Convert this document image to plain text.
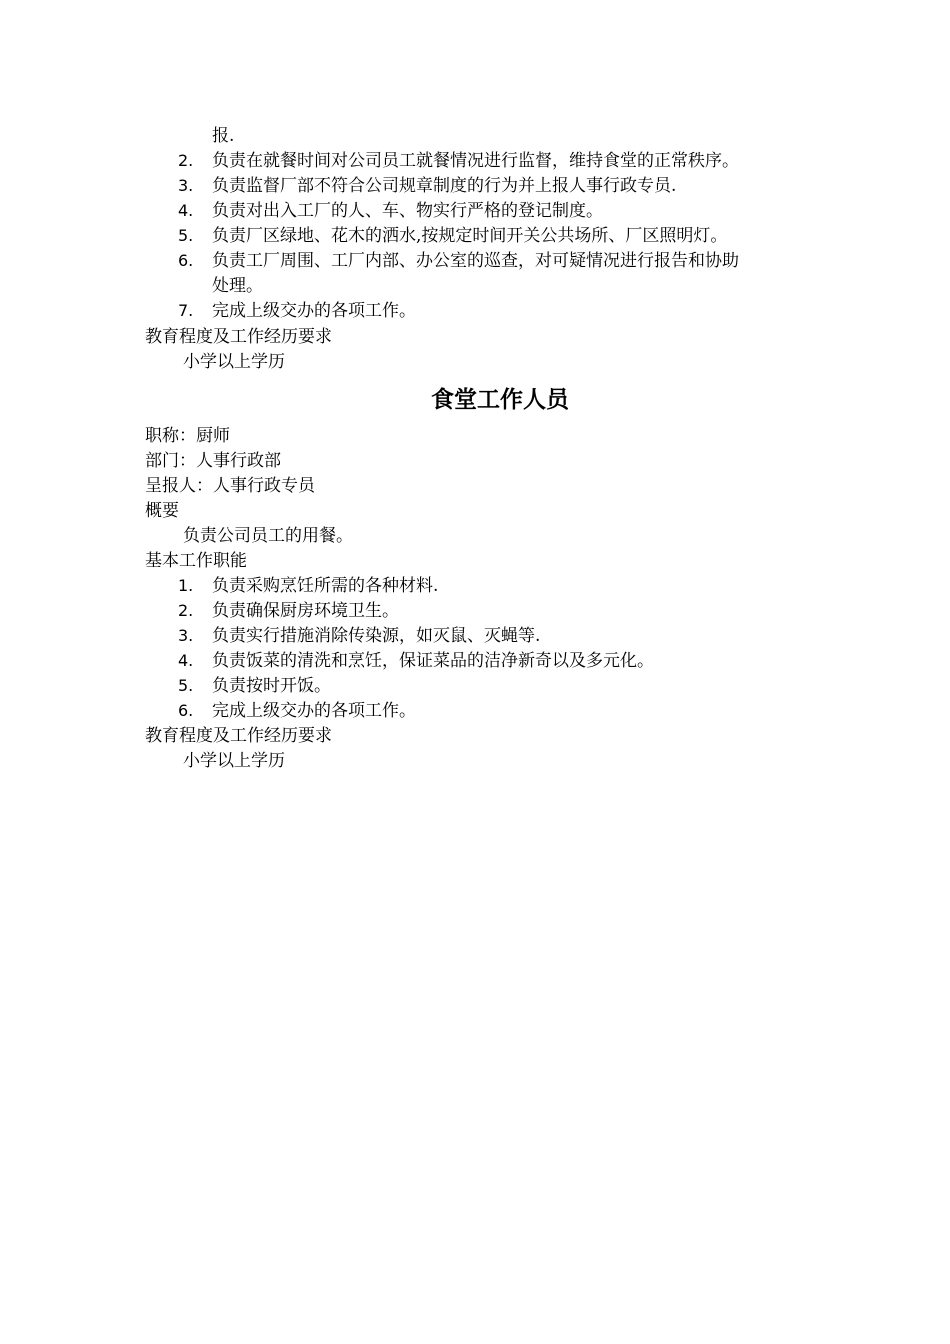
报.
2. 负责在就餐时间对公司员工就餐情况进行监督，维持食堂的正常秩序。
3. 负责监督厂部不符合公司规章制度的行为并上报人事行政专员.
4. 负责对出入工厂的人、车、物实行严格的登记制度。
5. 负责厂区绿地、花木的洒水,按规定时间开关公共场所、厂区照明灯。
6. 负责工厂周围、工厂内部、办公室的巡查，对可疑情况进行报告和协助
处理。
7. 完成上级交办的各项工作。
教育程度及工作经历要求
小学以上学历
食堂工作人员
职称：厨师
部门：人事行政部
呈报人：人事行政专员
概要
负责公司员工的用餐。
基本工作职能
1. 负责采购烹饪所需的各种材料.
2. 负责确保厨房环境卫生。
3. 负责实行措施消除传染源，如灭鼠、灭蝇等.
4. 负责饭菜的清洗和烹饪，保证菜品的洁净新奇以及多元化。
5. 负责按时开饭。
6. 完成上级交办的各项工作。
教育程度及工作经历要求
小学以上学历
